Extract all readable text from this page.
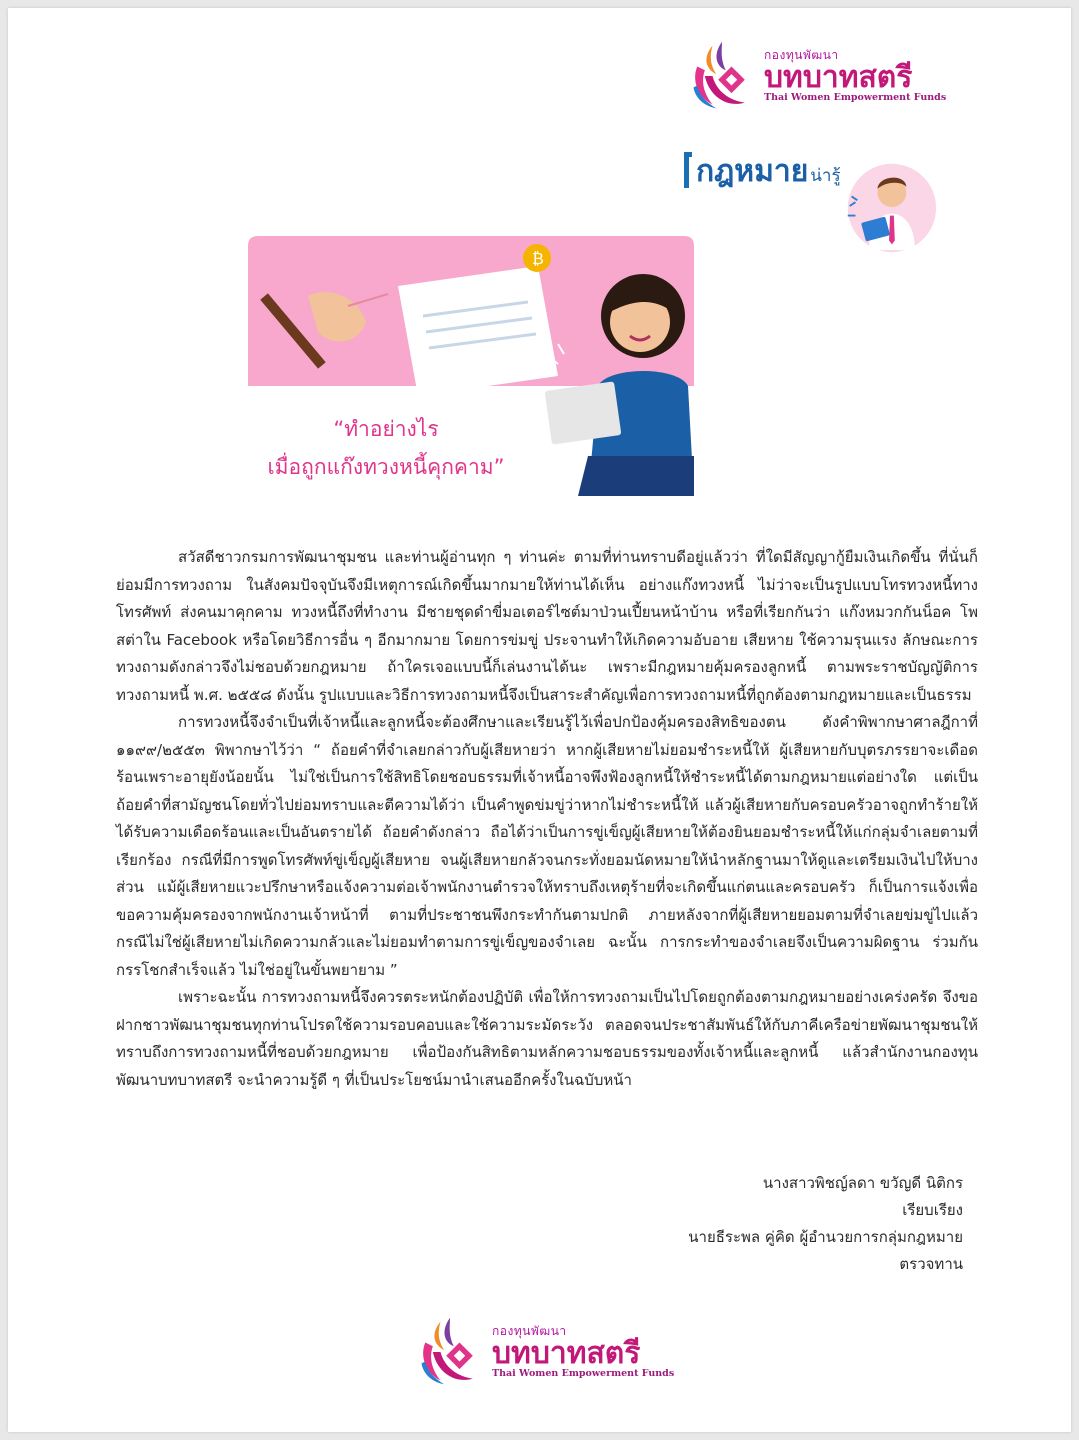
กองทุนพัฒนา
บทบาทสตรี
Thai Women Empowerment Funds
กฎหมาย น่ารู้
₿
“ทำอย่างไร
เมื่อถูกแก๊งทวงหนี้คุกคาม”

สวัสดีชาวกรมการพัฒนาชุมชน และท่านผู้อ่านทุก ๆ ท่านค่ะ ตามที่ท่านทราบดีอยู่แล้วว่า ที่ใดมีสัญญากู้ยืมเงินเกิดขึ้น ที่นั่นก็ย่อมมีการทวงถาม ในสังคมปัจจุบันจึงมีเหตุการณ์เกิดขึ้นมากมายให้ท่านได้เห็น อย่างแก๊งทวงหนี้ ไม่ว่าจะเป็นรูปแบบโทรทวงหนี้ทางโทรศัพท์ ส่งคนมาคุกคาม ทวงหนี้ถึงที่ทำงาน มีชายชุดดำขี่มอเตอร์ไซต์มาป่วนเปี้ยนหน้าบ้าน หรือที่เรียกกันว่า แก๊งหมวกกันน็อค โพสต่าใน Facebook หรือโดยวิธีการอื่น ๆ อีกมากมาย โดยการข่มขู่ ประจานทำให้เกิดความอับอาย เสียหาย ใช้ความรุนแรง ลักษณะการทวงถามดังกล่าวจึงไม่ชอบด้วยกฎหมาย ถ้าใครเจอแบบนี้ก็เล่นงานได้นะ เพราะมีกฎหมายคุ้มครองลูกหนี้ ตามพระราชบัญญัติการทวงถามหนี้ พ.ศ. ๒๕๕๘ ดังนั้น รูปแบบและวิธีการทวงถามหนี้จึงเป็นสาระสำคัญเพื่อการทวงถามหนี้ที่ถูกต้องตามกฎหมายและเป็นธรรม

การทวงหนี้จึงจำเป็นที่เจ้าหนี้และลูกหนี้จะต้องศึกษาและเรียนรู้ไว้เพื่อปกป้องคุ้มครองสิทธิของตน ดังคำพิพากษาศาลฎีกาที่ ๑๑๙๙/๒๕๕๓ พิพากษาไว้ว่า “ ถ้อยคำที่จำเลยกล่าวกับผู้เสียหายว่า หากผู้เสียหายไม่ยอมชำระหนี้ให้ ผู้เสียหายกับบุตรภรรยาจะเดือดร้อนเพราะอายุยังน้อยนั้น ไม่ใช่เป็นการใช้สิทธิโดยชอบธรรมที่เจ้าหนี้อาจพึงฟ้องลูกหนี้ให้ชำระหนี้ได้ตามกฎหมายแต่อย่างใด แต่เป็นถ้อยคำที่สามัญชนโดยทั่วไปย่อมทราบและตีความได้ว่า เป็นคำพูดข่มขู่ว่าหากไม่ชำระหนี้ให้ แล้วผู้เสียหายกับครอบครัวอาจถูกทำร้ายให้ได้รับความเดือดร้อนและเป็นอันตรายได้ ถ้อยคำดังกล่าว ถือได้ว่าเป็นการขู่เข็ญผู้เสียหายให้ต้องยินยอมชำระหนี้ให้แก่กลุ่มจำเลยตามที่เรียกร้อง กรณีที่มีการพูดโทรศัพท์ขู่เข็ญผู้เสียหาย จนผู้เสียหายกลัวจนกระทั่งยอมนัดหมายให้นำหลักฐานมาให้ดูและเตรียมเงินไปให้บางส่วน แม้ผู้เสียหายแวะปรึกษาหรือแจ้งความต่อเจ้าพนักงานตำรวจให้ทราบถึงเหตุร้ายที่จะเกิดขึ้นแก่ตนและครอบครัว ก็เป็นการแจ้งเพื่อขอความคุ้มครองจากพนักงานเจ้าหน้าที่ ตามที่ประชาชนพึงกระทำกันตามปกติ ภายหลังจากที่ผู้เสียหายยอมตามที่จำเลยข่มขู่ไปแล้ว กรณีไม่ใช่ผู้เสียหายไม่เกิดความกลัวและไม่ยอมทำตามการขู่เข็ญของจำเลย ฉะนั้น การกระทำของจำเลยจึงเป็นความผิดฐาน ร่วมกันกรรโชกสำเร็จแล้ว ไม่ใช่อยู่ในขั้นพยายาม ”

เพราะฉะนั้น การทวงถามหนี้จึงควรตระหนักต้องปฏิบัติ เพื่อให้การทวงถามเป็นไปโดยถูกต้องตามกฎหมายอย่างเคร่งครัด จึงขอฝากชาวพัฒนาชุมชนทุกท่านโปรดใช้ความรอบคอบและใช้ความระมัดระวัง ตลอดจนประชาสัมพันธ์ให้กับภาคีเครือข่ายพัฒนาชุมชนให้ทราบถึงการทวงถามหนี้ที่ชอบด้วยกฎหมาย เพื่อป้องกันสิทธิตามหลักความชอบธรรมของทั้งเจ้าหนี้และลูกหนี้ แล้วสำนักงานกองทุนพัฒนาบทบาทสตรี จะนำความรู้ดี ๆ ที่เป็นประโยชน์มานำเสนออีกครั้งในฉบับหน้า

นางสาวพิชญ์ลดา ขวัญดี นิติกร
เรียบเรียง
นายธีระพล คู่คิด ผู้อำนวยการกลุ่มกฎหมาย
ตรวจทาน
กองทุนพัฒนา
บทบาทสตรี
Thai Women Empowerment Funds
